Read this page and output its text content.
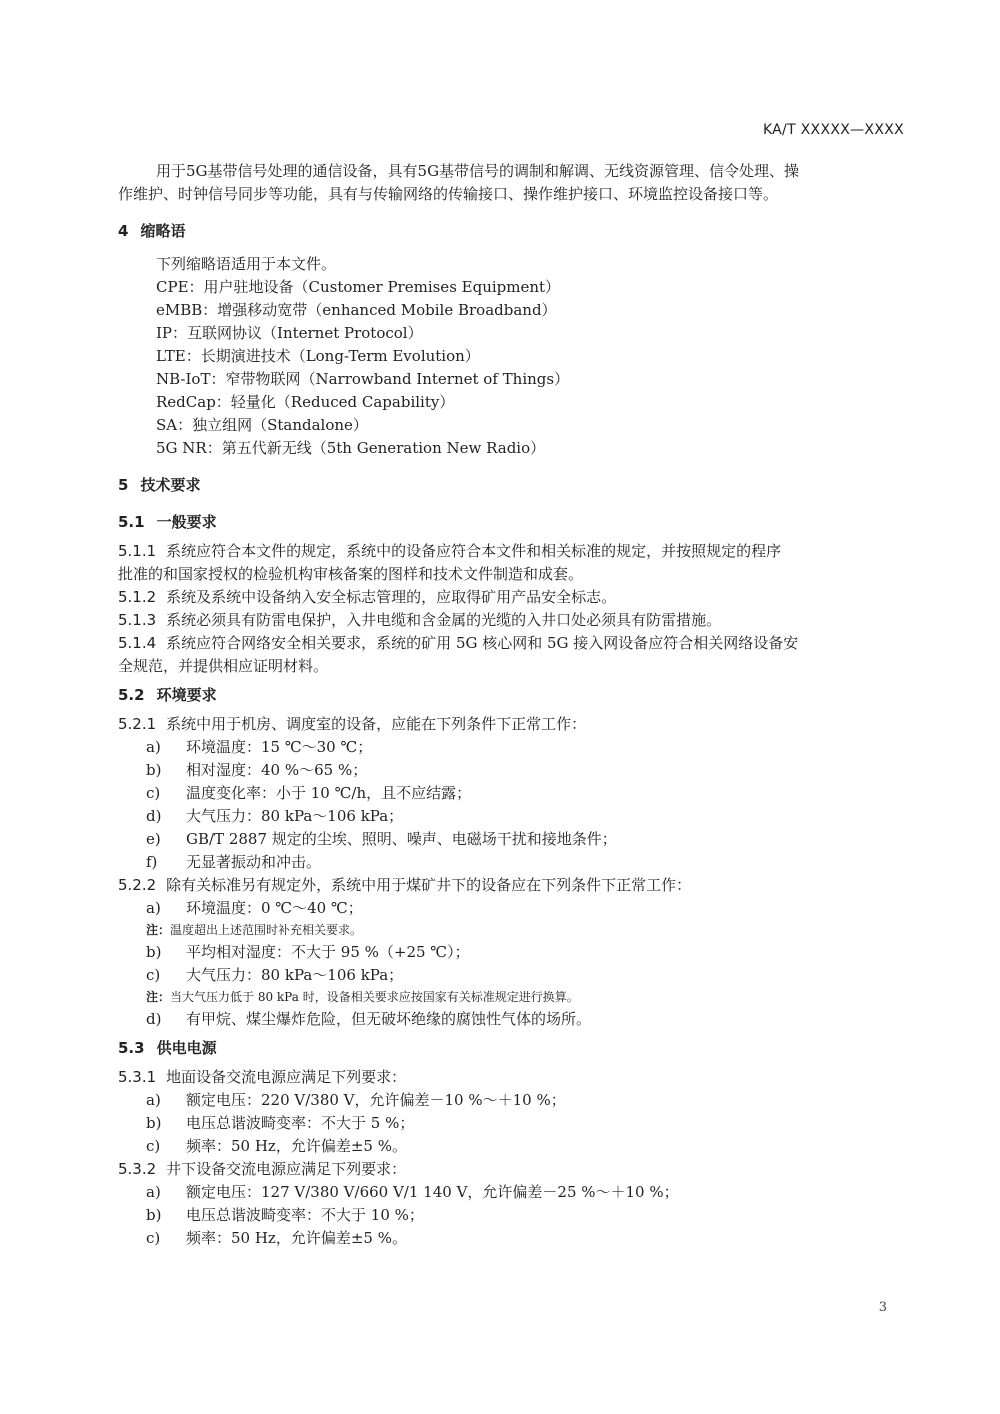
KA/T XXXXX—XXXX

用于5G基带信号处理的通信设备，具有5G基带信号的调制和解调、无线资源管理、信令处理、操

作维护、时钟信号同步等功能，具有与传输网络的传输接口、操作维护接口、环境监控设备接口等。

4 缩略语

下列缩略语适用于本文件。

CPE：用户驻地设备（Customer Premises Equipment）

eMBB：增强移动宽带（enhanced Mobile Broadband）

IP：互联网协议（Internet Protocol）

LTE：长期演进技术（Long-Term Evolution）

NB-IoT：窄带物联网（Narrowband Internet of Things）

RedCap：轻量化（Reduced Capability）

SA：独立组网（Standalone）

5G NR：第五代新无线（5th Generation New Radio）

5 技术要求
5.1 一般要求
5.1.1 系统应符合本文件的规定，系统中的设备应符合本文件和相关标准的规定，并按照规定的程序

批准的和国家授权的检验机构审核备案的图样和技术文件制造和成套。

5.1.2 系统及系统中设备纳入安全标志管理的，应取得矿用产品安全标志。
5.1.3 系统必须具有防雷电保护，入井电缆和含金属的光缆的入井口处必须具有防雷措施。
5.1.4 系统应符合网络安全相关要求，系统的矿用 5G 核心网和 5G 接入网设备应符合相关网络设备安

全规范，并提供相应证明材料。

5.2 环境要求
5.2.1 系统中用于机房、调度室的设备，应能在下列条件下正常工作：
a) 环境温度：15 ℃～30 ℃；
b) 相对湿度：40 %～65 %；
c) 温度变化率：小于 10 ℃/h，且不应结露；
d) 大气压力：80 kPa～106 kPa；
e) GB/T 2887 规定的尘埃、照明、噪声、电磁场干扰和接地条件；
f) 无显著振动和冲击。
5.2.2 除有关标准另有规定外，系统中用于煤矿井下的设备应在下列条件下正常工作：
a) 环境温度：0 ℃～40 ℃；
注：温度超出上述范围时补充相关要求。
b) 平均相对湿度：不大于 95 %（+25 ℃）；
c) 大气压力：80 kPa～106 kPa；
注：当大气压力低于 80 kPa 时，设备相关要求应按国家有关标准规定进行换算。
d) 有甲烷、煤尘爆炸危险，但无破坏绝缘的腐蚀性气体的场所。
5.3 供电电源
5.3.1 地面设备交流电源应满足下列要求：
a) 额定电压：220 V/380 V，允许偏差－10 %～＋10 %；
b) 电压总谐波畸变率：不大于 5 %；
c) 频率：50 Hz，允许偏差±5 %。
5.3.2 井下设备交流电源应满足下列要求：
a) 额定电压：127 V/380 V/660 V/1 140 V，允许偏差－25 %～＋10 %；
b) 电压总谐波畸变率：不大于 10 %；
c) 频率：50 Hz，允许偏差±5 %。
3
